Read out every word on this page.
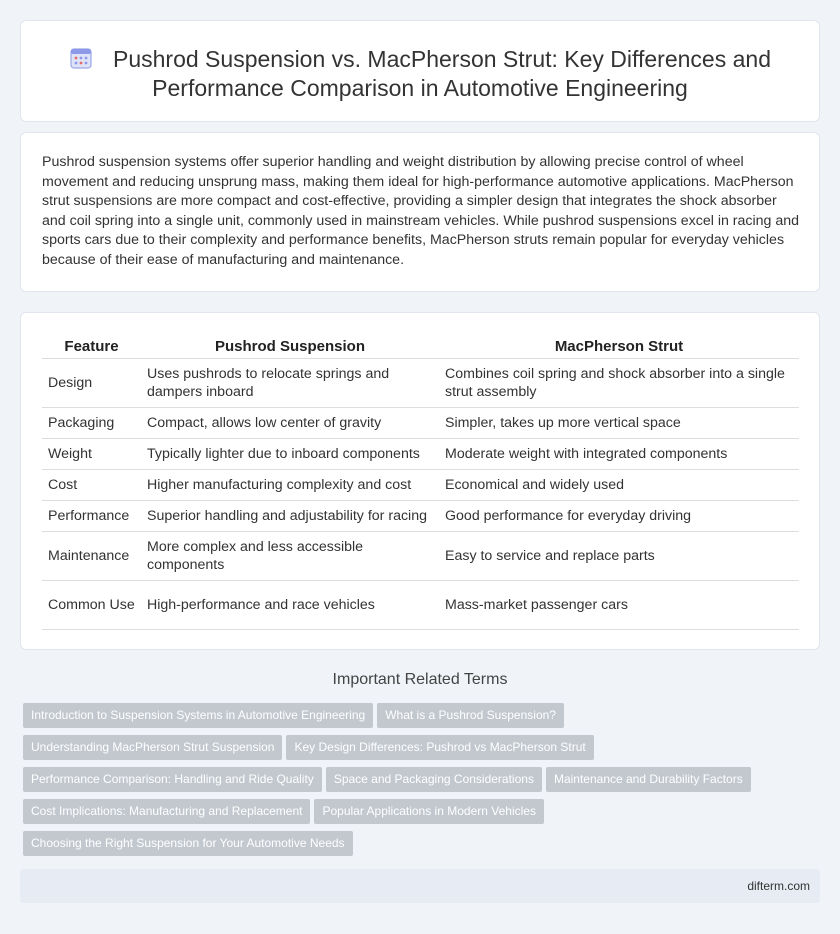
Pushrod Suspension vs. MacPherson Strut: Key Differences and Performance Comparison in Automotive Engineering

Pushrod suspension systems offer superior handling and weight distribution by allowing precise control of wheel movement and reducing unsprung mass, making them ideal for high-performance automotive applications. MacPherson strut suspensions are more compact and cost-effective, providing a simpler design that integrates the shock absorber and coil spring into a single unit, commonly used in mainstream vehicles. While pushrod suspensions excel in racing and sports cars due to their complexity and performance benefits, MacPherson struts remain popular for everyday vehicles because of their ease of manufacturing and maintenance.

Feature	Pushrod Suspension	MacPherson Strut
Design	Uses pushrods to relocate springs and dampers inboard	Combines coil spring and shock absorber into a single strut assembly
Packaging	Compact, allows low center of gravity	Simpler, takes up more vertical space
Weight	Typically lighter due to inboard components	Moderate weight with integrated components
Cost	Higher manufacturing complexity and cost	Economical and widely used
Performance	Superior handling and adjustability for racing	Good performance for everyday driving
Maintenance	More complex and less accessible components	Easy to service and replace parts
Common Use	High-performance and race vehicles	Mass-market passenger cars
Important Related Terms
Introduction to Suspension Systems in Automotive Engineering What is a Pushrod Suspension?
Understanding MacPherson Strut Suspension Key Design Differences: Pushrod vs MacPherson Strut
Performance Comparison: Handling and Ride Quality Space and Packaging Considerations Maintenance and Durability Factors
Cost Implications: Manufacturing and Replacement Popular Applications in Modern Vehicles
Choosing the Right Suspension for Your Automotive Needs
difterm.com
